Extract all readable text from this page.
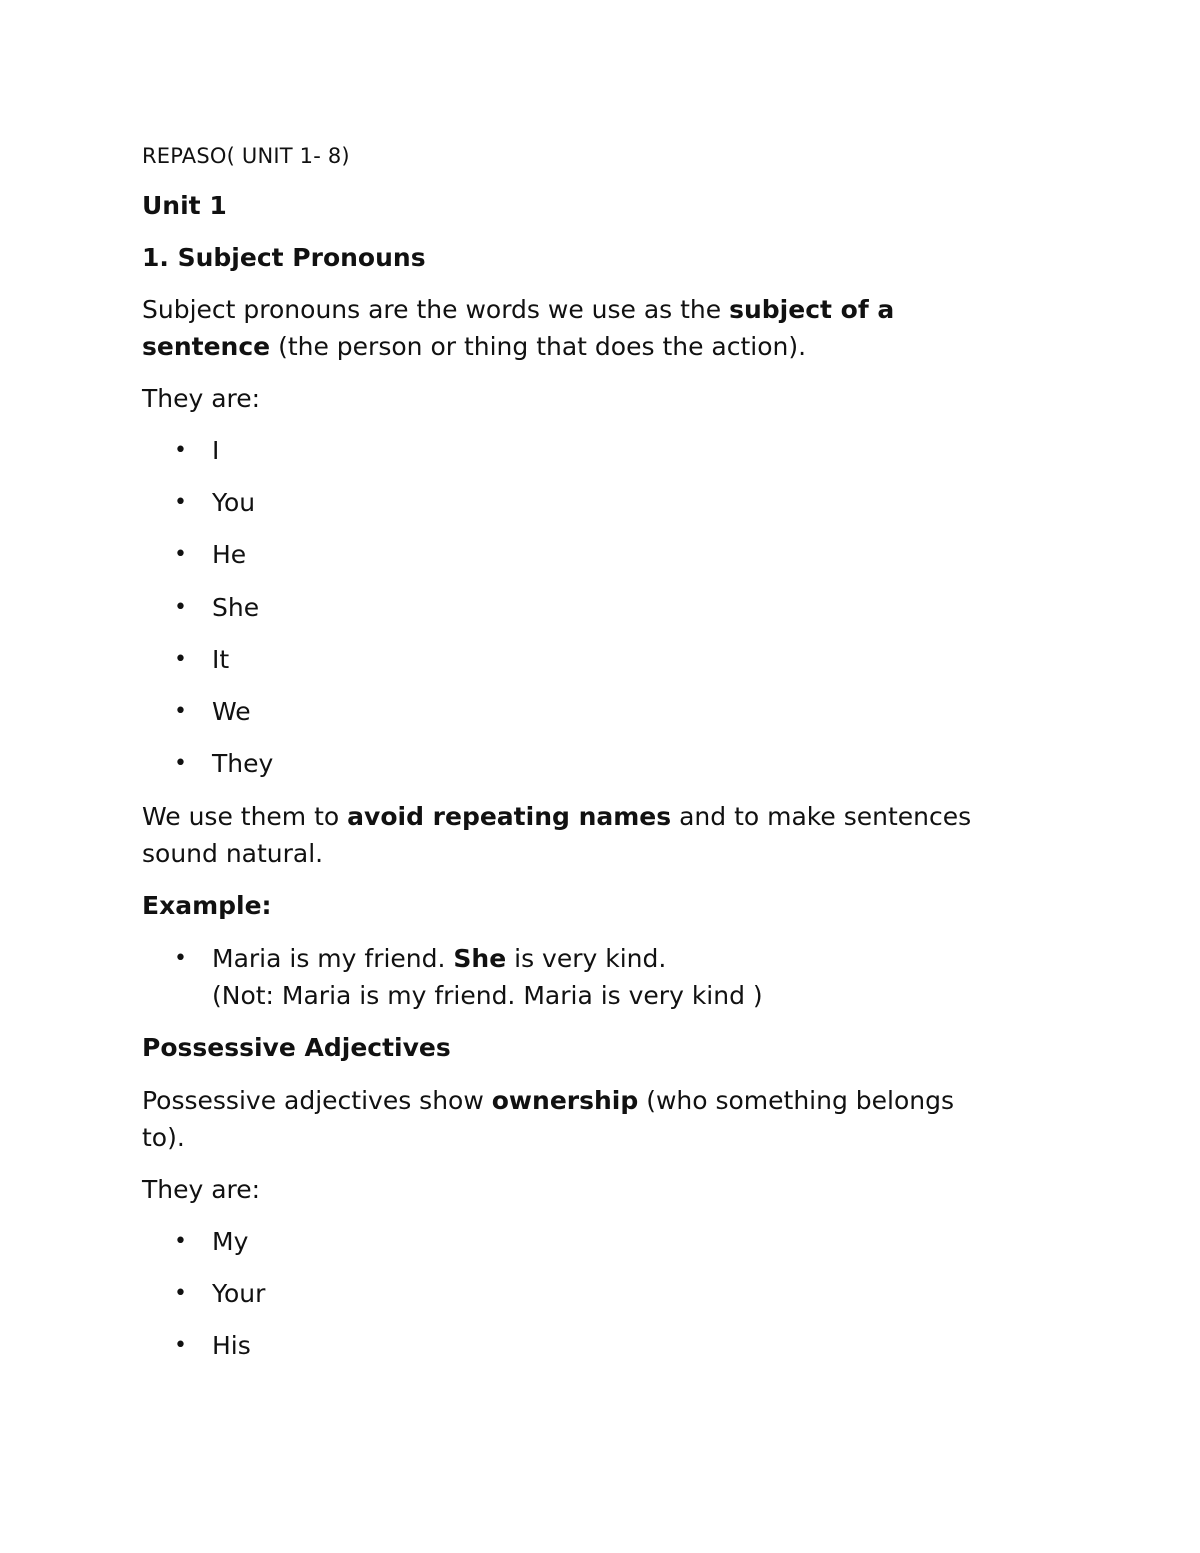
REPASO( UNIT 1- 8)
Unit 1
1. Subject Pronouns
Subject pronouns are the words we use as the subject of a
sentence (the person or thing that does the action).
They are:
• I
• You
• He
• She
• It
• We
• They
We use them to avoid repeating names and to make sentences
sound natural.
Example:
• Maria is my friend. She is very kind.
(Not: Maria is my friend. Maria is very kind )
Possessive Adjectives
Possessive adjectives show ownership (who something belongs
to).
They are:
• My
• Your
• His
